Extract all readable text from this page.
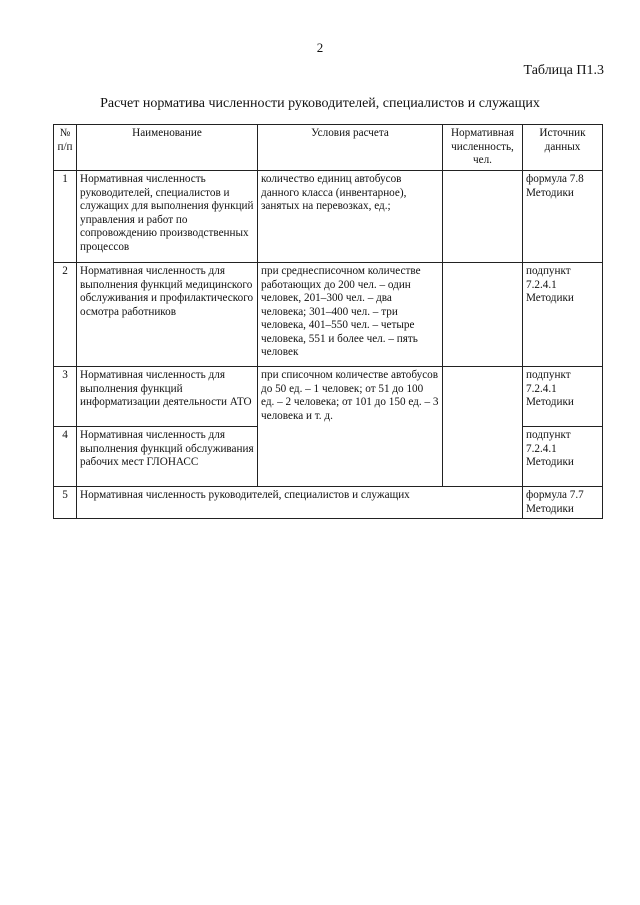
2
Таблица П1.3
Расчет норматива численности руководителей, специалистов и служащих
№ п/п	Наименование	Условия расчета	Нормативная численность, чел.	Источник данных
1	Нормативная численность руководителей, специалистов и служащих для выполнения функций управления и работ по сопровождению производственных процессов	количество единиц автобусов данного класса (инвентарное), занятых на перевозках, ед.;		формула 7.8 Методики
2	Нормативная численность для выполнения функций медицинского обслуживания и профилактического осмотра работников	при среднесписочном количестве работающих до 200 чел. – один человек, 201–300 чел. – два человека; 301–400 чел. – три человека, 401–550 чел. – четыре человека, 551 и более чел. – пять человек		подпункт 7.2.4.1 Методики
3	Нормативная численность для выполнения функций информатизации деятельности АТО	при списочном количестве автобусов до 50 ед. – 1 человек; от 51 до 100 ед. – 2 человека; от 101 до 150 ед. – 3 человека и т. д.		подпункт 7.2.4.1 Методики
4	Нормативная численность для выполнения функций обслуживания рабочих мест ГЛОНАСС			подпункт 7.2.4.1 Методики
5	Нормативная численность руководителей, специалистов и служащих			формула 7.7 Методики
